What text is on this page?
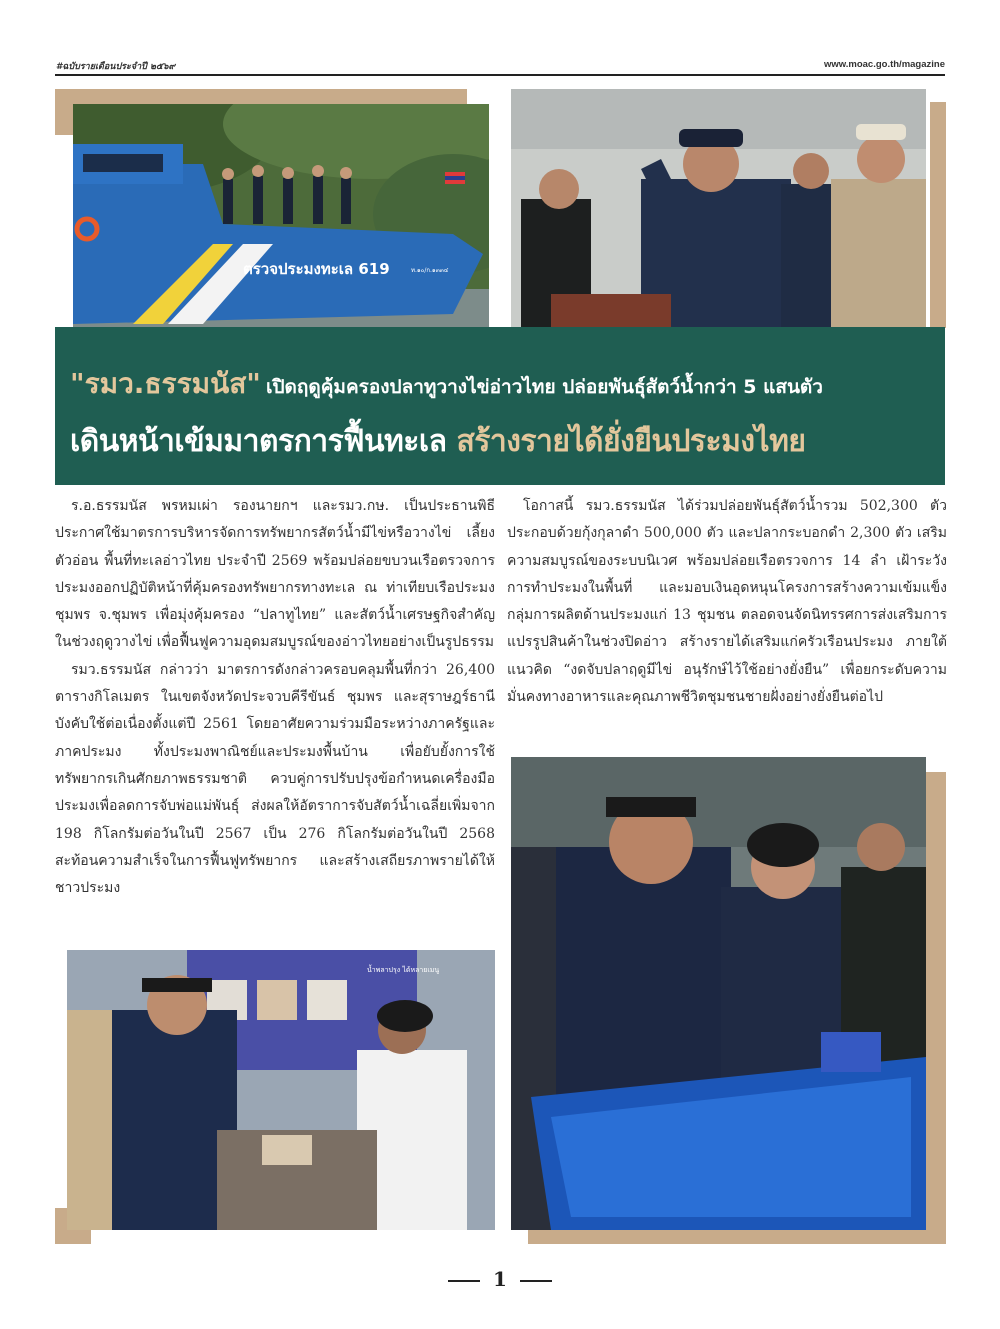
#ฉบับรายเดือนประจำปี ๒๕๖๙	www.moac.go.th/magazine
ตรวจประมงทะเล 619	ท.๑๐/ก.๑๓๓๔
"รมว.ธรรมนัส" เปิดฤดูคุ้มครองปลาทูวางไข่อ่าวไทย ปล่อยพันธุ์สัตว์น้ำกว่า 5 แสนตัว
เดินหน้าเข้มมาตรการฟื้นทะเล สร้างรายได้ยั่งยืนประมงไทย

ร.อ.ธรรมนัส พรหมเผ่า รองนายกฯ และรมว.กษ. เป็นประธานพิธีประกาศใช้มาตรการบริหารจัดการทรัพยากรสัตว์น้ำมีไข่หรือวางไข่ เลี้ยงตัวอ่อน พื้นที่ทะเลอ่าวไทย ประจำปี 2569 พร้อมปล่อยขบวนเรือตรวจการประมงออกปฏิบัติหน้าที่คุ้มครองทรัพยากรทางทะเล ณ ท่าเทียบเรือประมงชุมพร จ.ชุมพร เพื่อมุ่งคุ้มครอง “ปลาทูไทย” และสัตว์น้ำเศรษฐกิจสำคัญในช่วงฤดูวางไข่ เพื่อฟื้นฟูความอุดมสมบูรณ์ของอ่าวไทยอย่างเป็นรูปธรรม

รมว.ธรรมนัส กล่าวว่า มาตรการดังกล่าวครอบคลุมพื้นที่กว่า 26,400 ตารางกิโลเมตร ในเขตจังหวัดประจวบคีรีขันธ์ ชุมพร และสุราษฎร์ธานี บังคับใช้ต่อเนื่องตั้งแต่ปี 2561 โดยอาศัยความร่วมมือระหว่างภาครัฐและภาคประมง ทั้งประมงพาณิชย์และประมงพื้นบ้าน เพื่อยับยั้งการใช้ทรัพยากรเกินศักยภาพธรรมชาติ ควบคู่การปรับปรุงข้อกำหนดเครื่องมือประมงเพื่อลดการจับพ่อแม่พันธุ์ ส่งผลให้อัตราการจับสัตว์น้ำเฉลี่ยเพิ่มจาก 198 กิโลกรัมต่อวันในปี 2567 เป็น 276 กิโลกรัมต่อวันในปี 2568 สะท้อนความสำเร็จในการฟื้นฟูทรัพยากร และสร้างเสถียรภาพรายได้ให้ชาวประมง

โอกาสนี้ รมว.ธรรมนัส ได้ร่วมปล่อยพันธุ์สัตว์น้ำรวม 502,300 ตัว ประกอบด้วยกุ้งกุลาดำ 500,000 ตัว และปลากระบอกดำ 2,300 ตัว เสริมความสมบูรณ์ของระบบนิเวศ พร้อมปล่อยเรือตรวจการ 14 ลำ เฝ้าระวังการทำประมงในพื้นที่ และมอบเงินอุดหนุนโครงการสร้างความเข้มแข็งกลุ่มการผลิตด้านประมงแก่ 13 ชุมชน ตลอดจนจัดนิทรรศการส่งเสริมการแปรรูปสินค้าในช่วงปิดอ่าว สร้างรายได้เสริมแก่ครัวเรือนประมง ภายใต้แนวคิด “งดจับปลาฤดูมีไข่ อนุรักษ์ไว้ใช้อย่างยั่งยืน” เพื่อยกระดับความมั่นคงทางอาหารและคุณภาพชีวิตชุมชนชายฝั่งอย่างยั่งยืนต่อไป

น้ำพลาปรุง ได้หลายเมนู
1
